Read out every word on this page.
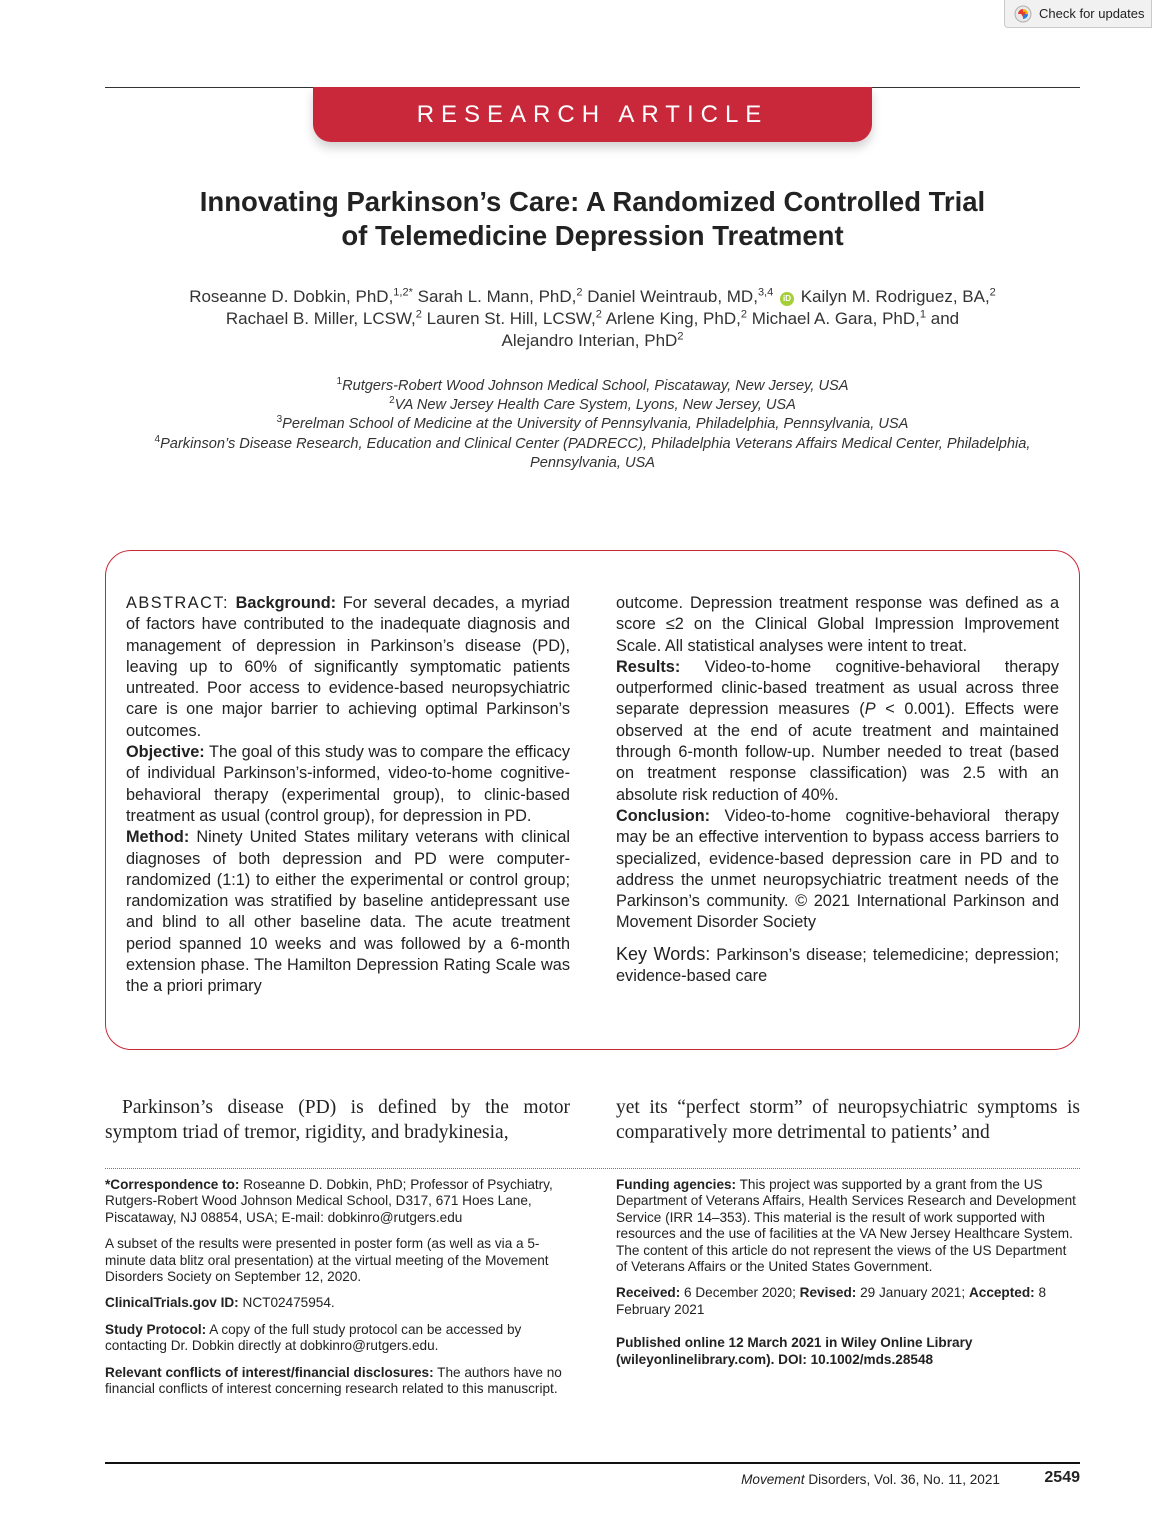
Check for updates
RESEARCH ARTICLE
Innovating Parkinson’s Care: A Randomized Controlled Trial
of Telemedicine Depression Treatment
Roseanne D. Dobkin, PhD,$^{1,2*}$ Sarah L. Mann, PhD,$^2$ Daniel Weintraub, MD,$^{3,4}$ iD Kailyn M. Rodriguez, BA,$^2$
Rachael B. Miller, LCSW,$^2$ Lauren St. Hill, LCSW,$^2$ Arlene King, PhD,$^2$ Michael A. Gara, PhD,$^1$ and
Alejandro Interian, PhD$^2$
$^1$Rutgers-Robert Wood Johnson Medical School, Piscataway, New Jersey, USA
$^2$VA New Jersey Health Care System, Lyons, New Jersey, USA
$^3$Perelman School of Medicine at the University of Pennsylvania, Philadelphia, Pennsylvania, USA
$^4$Parkinson’s Disease Research, Education and Clinical Center (PADRECC), Philadelphia Veterans Affairs Medical Center, Philadelphia, Pennsylvania, USA

ABSTRACT: Background: For several decades, a myriad of factors have contributed to the inadequate diagnosis and management of depression in Parkinson’s disease (PD), leaving up to 60% of significantly symptomatic patients untreated. Poor access to evidence-based neuropsychiatric care is one major barrier to achieving optimal Parkinson’s outcomes.

Objective: The goal of this study was to compare the efficacy of individual Parkinson’s-informed, video-to-home cognitive-behavioral therapy (experimental group), to clinic-based treatment as usual (control group), for depression in PD.

Method: Ninety United States military veterans with clinical diagnoses of both depression and PD were computer-randomized (1:1) to either the experimental or control group; randomization was stratified by baseline antidepressant use and blind to all other baseline data. The acute treatment period spanned 10 weeks and was followed by a 6-month extension phase. The Hamilton Depression Rating Scale was the a priori primary

outcome. Depression treatment response was defined as a score ≤2 on the Clinical Global Impression Improvement Scale. All statistical analyses were intent to treat.

Results: Video-to-home cognitive-behavioral therapy outperformed clinic-based treatment as usual across three separate depression measures (P < 0.001). Effects were observed at the end of acute treatment and maintained through 6-month follow-up. Number needed to treat (based on treatment response classification) was 2.5 with an absolute risk reduction of 40%.

Conclusion: Video-to-home cognitive-behavioral therapy may be an effective intervention to bypass access barriers to specialized, evidence-based depression care in PD and to address the unmet neuropsychiatric treatment needs of the Parkinson’s community. © 2021 International Parkinson and Movement Disorder Society

Key Words: Parkinson’s disease; telemedicine; depression; evidence-based care

Parkinson’s disease (PD) is defined by the motor symptom triad of tremor, rigidity, and bradykinesia,
yet its “perfect storm” of neuropsychiatric symptoms is comparatively more detrimental to patients’ and

*Correspondence to: Roseanne D. Dobkin, PhD; Professor of Psychiatry, Rutgers-Robert Wood Johnson Medical School, D317, 671 Hoes Lane, Piscataway, NJ 08854, USA; E-mail: dobkinro@rutgers.edu

A subset of the results were presented in poster form (as well as via a 5-minute data blitz oral presentation) at the virtual meeting of the Movement Disorders Society on September 12, 2020.

ClinicalTrials.gov ID: NCT02475954.

Study Protocol: A copy of the full study protocol can be accessed by contacting Dr. Dobkin directly at dobkinro@rutgers.edu.

Relevant conflicts of interest/financial disclosures: The authors have no financial conflicts of interest concerning research related to this manuscript.

Funding agencies: This project was supported by a grant from the US Department of Veterans Affairs, Health Services Research and Development Service (IRR 14–353). This material is the result of work supported with resources and the use of facilities at the VA New Jersey Healthcare System. The content of this article do not represent the views of the US Department of Veterans Affairs or the United States Government.

Received: 6 December 2020; Revised: 29 January 2021; Accepted: 8 February 2021

Published online 12 March 2021 in Wiley Online Library (wileyonlinelibrary.com). DOI: 10.1002/mds.28548

Movement Disorders, Vol. 36, No. 11, 2021	2549
